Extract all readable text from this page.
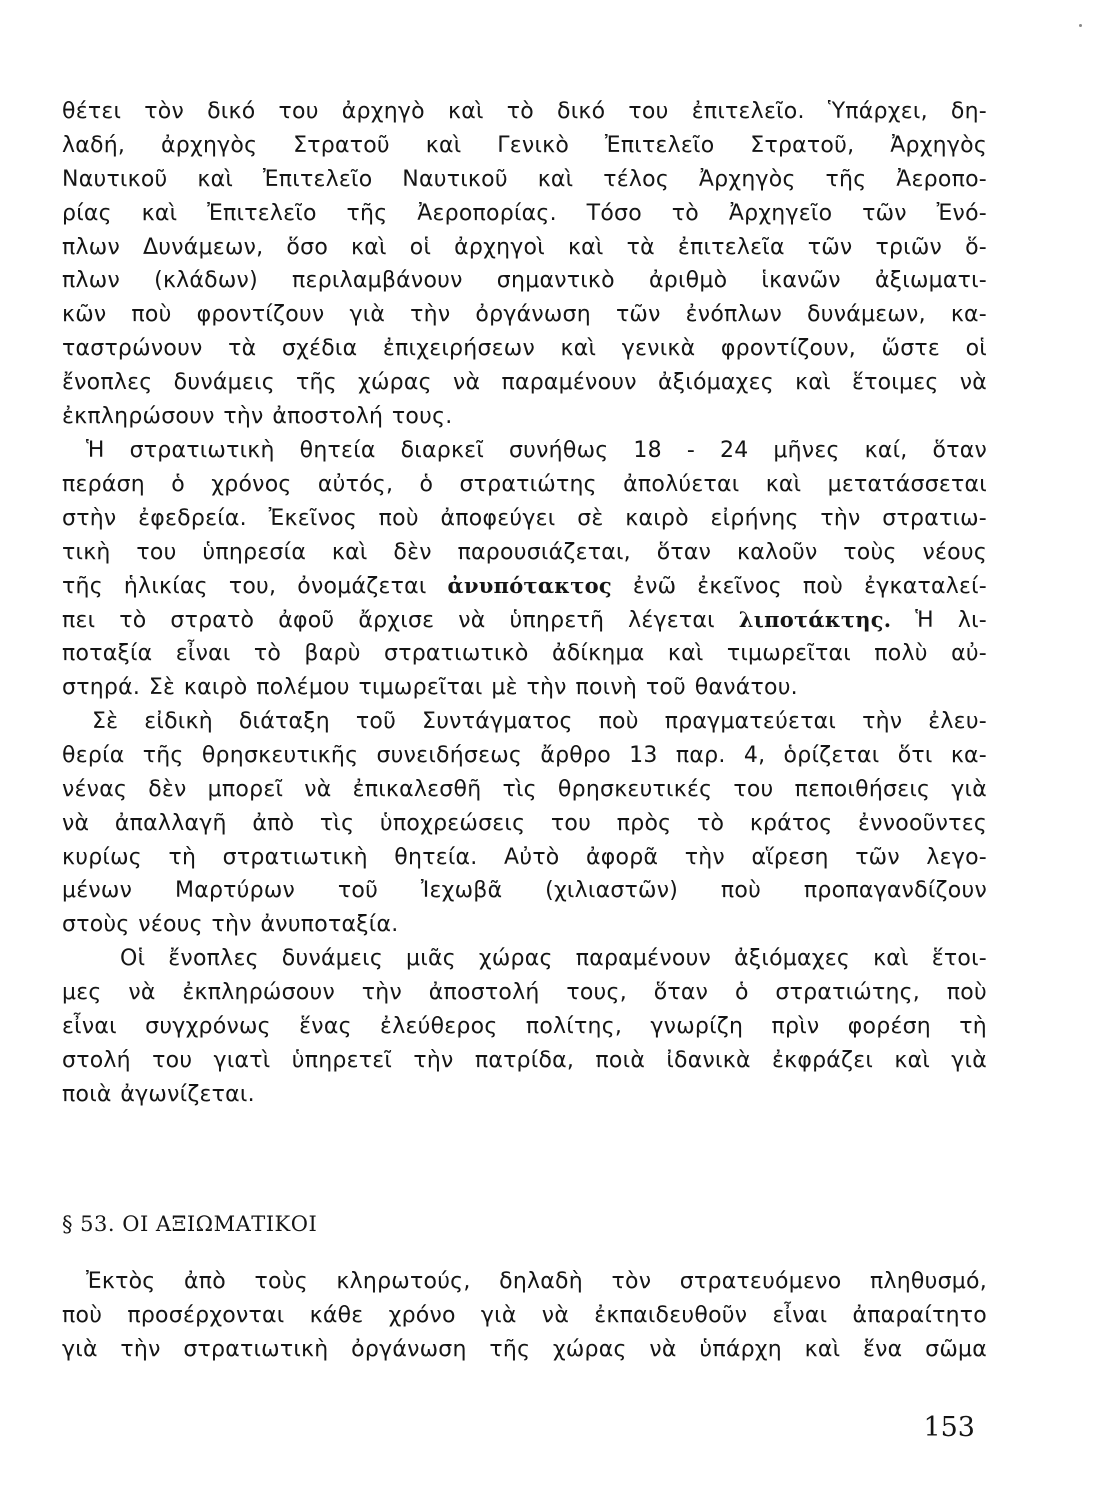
θέτει τὸν δικό του ἀρχηγὸ καὶ τὸ δικό του ἐπιτελεῖο. Ὑπάρχει, δη-
λαδή, ἀρχηγὸς Στρατοῦ καὶ Γενικὸ Ἐπιτελεῖο Στρατοῦ, Ἀρχηγὸς
Ναυτικοῦ καὶ Ἐπιτελεῖο Ναυτικοῦ καὶ τέλος Ἀρχηγὸς τῆς Ἀεροπο-
ρίας καὶ Ἐπιτελεῖο τῆς Ἀεροπορίας. Τόσο τὸ Ἀρχηγεῖο τῶν Ἐνό-
πλων Δυνάμεων, ὅσο καὶ οἱ ἀρχηγοὶ καὶ τὰ ἐπιτελεῖα τῶν τριῶν ὅ-
πλων (κλάδων) περιλαμβάνουν σημαντικὸ ἀριθμὸ ἱκανῶν ἀξιωματι-
κῶν ποὺ φροντίζουν γιὰ τὴν ὀργάνωση τῶν ἐνόπλων δυνάμεων, κα-
ταστρώνουν τὰ σχέδια ἐπιχειρήσεων καὶ γενικὰ φροντίζουν, ὥστε οἱ
ἔνοπλες δυνάμεις τῆς χώρας νὰ παραμένουν ἀξιόμαχες καὶ ἕτοιμες νὰ
ἐκπληρώσουν τὴν ἀποστολή τους.
Ἡ στρατιωτικὴ θητεία διαρκεῖ συνήθως 18 - 24 μῆνες καί, ὅταν
περάση ὁ χρόνος αὐτός, ὁ στρατιώτης ἀπολύεται καὶ μετατάσσεται
στὴν ἐφεδρεία. Ἐκεῖνος ποὺ ἀποφεύγει σὲ καιρὸ εἰρήνης τὴν στρατιω-
τικὴ του ὑπηρεσία καὶ δὲν παρουσιάζεται, ὅταν καλοῦν τοὺς νέους
τῆς ἡλικίας του, ὀνομάζεται ἀνυπότακτος ἐνῶ ἐκεῖνος ποὺ ἐγκαταλεί-
πει τὸ στρατὸ ἀφοῦ ἄρχισε νὰ ὑπηρετῆ λέγεται λιποτάκτης. Ἡ λι-
ποταξία εἶναι τὸ βαρὺ στρατιωτικὸ ἀδίκημα καὶ τιμωρεῖται πολὺ αὐ-
στηρά. Σὲ καιρὸ πολέμου τιμωρεῖται μὲ τὴν ποινὴ τοῦ θανάτου.
Σὲ εἰδικὴ διάταξη τοῦ Συντάγματος ποὺ πραγματεύεται τὴν ἐλευ-
θερία τῆς θρησκευτικῆς συνειδήσεως ἄρθρο 13 παρ. 4, ὁρίζεται ὅτι κα-
νένας δὲν μπορεῖ νὰ ἐπικαλεσθῆ τὶς θρησκευτικές του πεποιθήσεις γιὰ
νὰ ἀπαλλαγῆ ἀπὸ τὶς ὑποχρεώσεις του πρὸς τὸ κράτος ἐννοοῦντες
κυρίως τὴ στρατιωτικὴ θητεία. Αὐτὸ ἀφορᾶ τὴν αἵρεση τῶν λεγο-
μένων Μαρτύρων τοῦ Ἰεχωβᾶ (χιλιαστῶν) ποὺ προπαγανδίζουν
στοὺς νέους τὴν ἀνυποταξία.
Οἱ ἔνοπλες δυνάμεις μιᾶς χώρας παραμένουν ἀξιόμαχες καὶ ἕτοι-
μες νὰ ἐκπληρώσουν τὴν ἀποστολή τους, ὅταν ὁ στρατιώτης, ποὺ
εἶναι συγχρόνως ἕνας ἐλεύθερος πολίτης, γνωρίζη πρὶν φορέση τὴ
στολή του γιατὶ ὑπηρετεῖ τὴν πατρίδα, ποιὰ ἰδανικὰ ἐκφράζει καὶ γιὰ
ποιὰ ἀγωνίζεται.
§ 53. ΟΙ ΑΞΙΩΜΑΤΙΚΟΙ
Ἐκτὸς ἀπὸ τοὺς κληρωτούς, δηλαδὴ τὸν στρατευόμενο πληθυσμό,
ποὺ προσέρχονται κάθε χρόνο γιὰ νὰ ἐκπαιδευθοῦν εἶναι ἀπαραίτητο
γιὰ τὴν στρατιωτικὴ ὀργάνωση τῆς χώρας νὰ ὑπάρχη καὶ ἕνα σῶμα
153
